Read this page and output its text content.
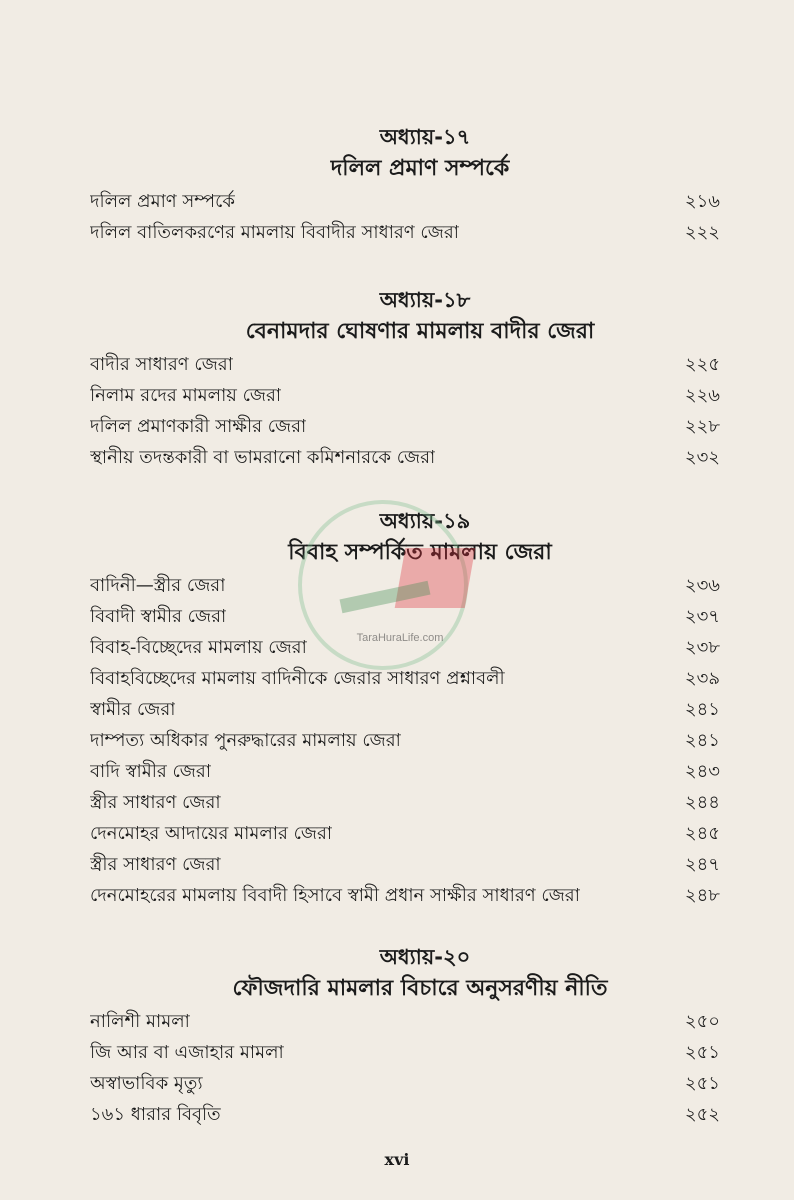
অধ্যায়-১৭
দলিল প্রমাণ সম্পর্কে
দলিল প্রমাণ সম্পর্কে	২১৬
দলিল বাতিলকরণের মামলায় বিবাদীর সাধারণ জেরা	২২২
অধ্যায়-১৮
বেনামদার ঘোষণার মামলায় বাদীর জেরা
বাদীর সাধারণ জেরা	২২৫
নিলাম রদের মামলায় জেরা	২২৬
দলিল প্রমাণকারী সাক্ষীর জেরা	২২৮
স্থানীয় তদন্তকারী বা ভামরানো কমিশনারকে জেরা	২৩২
অধ্যায়-১৯
বিবাহ সম্পর্কিত মামলায় জেরা
বাদিনী—স্ত্রীর জেরা	২৩৬
বিবাদী স্বামীর জেরা	২৩৭
বিবাহ-বিচ্ছেদের মামলায় জেরা	২৩৮
বিবাহবিচ্ছেদের মামলায় বাদিনীকে জেরার সাধারণ প্রশ্নাবলী	২৩৯
স্বামীর জেরা	২৪১
দাম্পত্য অধিকার পুনরুদ্ধারের মামলায় জেরা	২৪১
বাদি স্বামীর জেরা	২৪৩
স্ত্রীর সাধারণ জেরা	২৪৪
দেনমোহর আদায়ের মামলার জেরা	২৪৫
স্ত্রীর সাধারণ জেরা	২৪৭
দেনমোহরের মামলায় বিবাদী হিসাবে স্বামী প্রধান সাক্ষীর সাধারণ জেরা	২৪৮
অধ্যায়-২০
ফৌজদারি মামলার বিচারে অনুসরণীয় নীতি
নালিশী মামলা	২৫০
জি আর বা এজাহার মামলা	২৫১
অস্বাভাবিক মৃত্যু	২৫১
১৬১ ধারার বিবৃতি	২৫২
TaraHuraLife.com
xvi
